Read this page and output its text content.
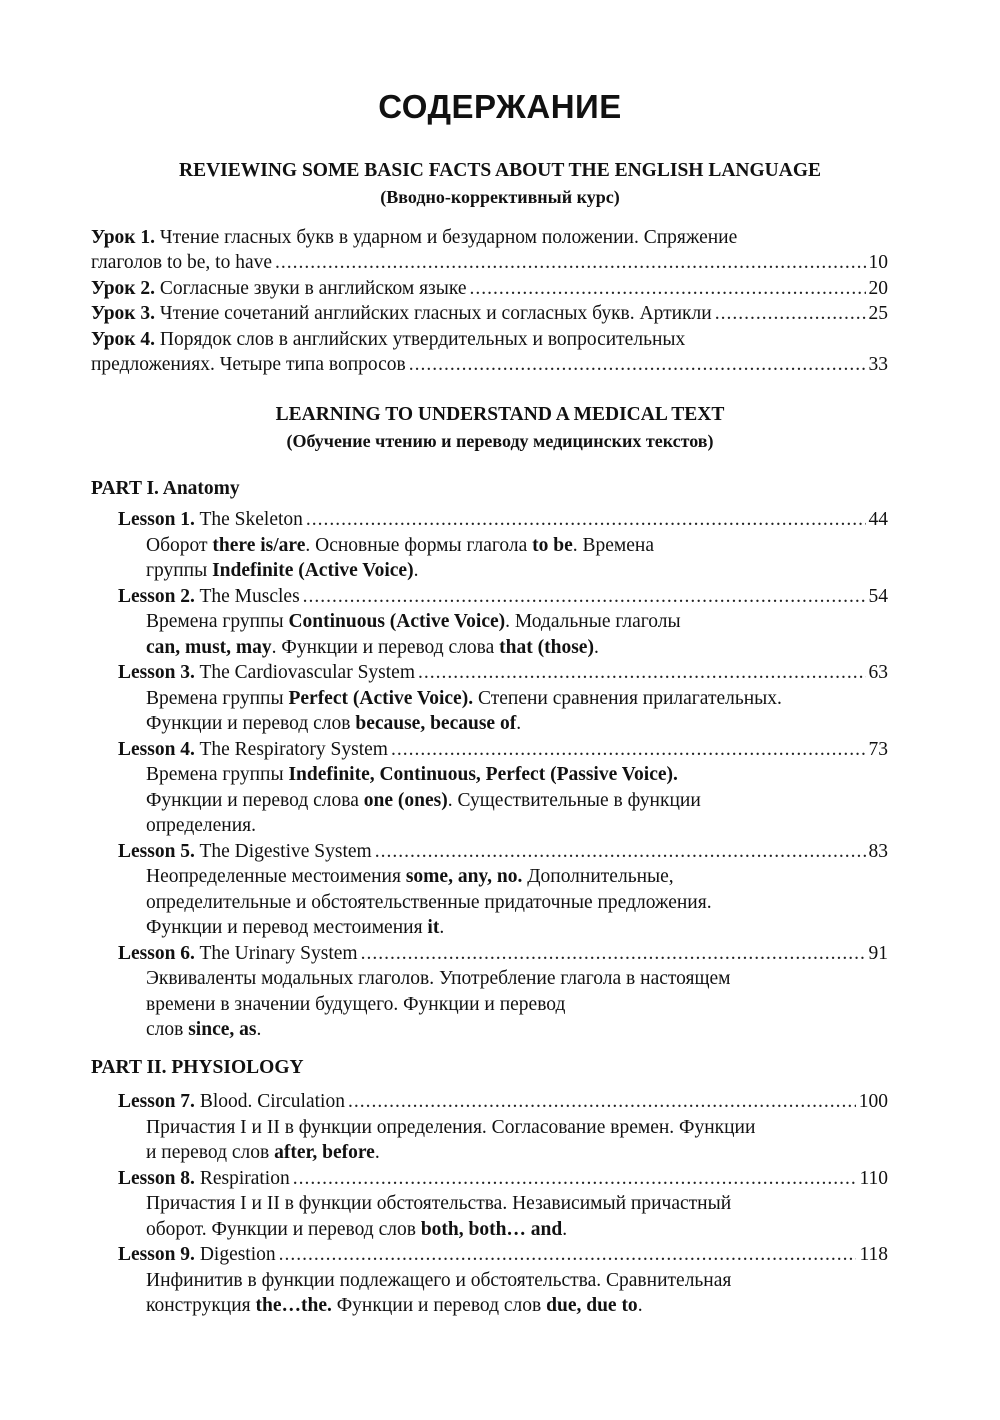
СОДЕРЖАНИЕ
REVIEWING SOME BASIC FACTS ABOUT THE ENGLISH LANGUAGE
(Вводно-коррективный курс)
Урок 1. Чтение гласных букв в ударном и безударном положении. Спряжение
глаголов to be, to have .....	10
Урок 2. Согласные звуки в английском языке .....	20
Урок 3. Чтение сочетаний английских гласных и согласных букв. Артикли .....	25
Урок 4. Порядок слов в английских утвердительных и вопросительных
предложениях. Четыре типа вопросов .....	33
LEARNING TO UNDERSTAND A MEDICAL TEXT
(Обучение чтению и переводу медицинских текстов)
PART I. Anatomy
Lesson 1. The Skeleton .....	44
Оборот there is/are. Основные формы глагола to be. Времена
группы Indefinite (Active Voice).
Lesson 2. The Muscles .....	54
Времена группы Continuous (Active Voice). Модальные глаголы
can, must, may. Функции и перевод слова that (those).
Lesson 3. The Cardiovascular System .....	63
Времена группы Perfect (Active Voice). Степени сравнения прилагательных.
Функции и перевод слов because, because of.
Lesson 4. The Respiratory System .....	73
Времена группы Indefinite, Continuous, Perfect (Passive Voice).
Функции и перевод слова one (ones). Существительные в функции
определения.
Lesson 5. The Digestive System .....	83
Неопределенные местоимения some, any, no. Дополнительные,
определительные и обстоятельственные придаточные предложения.
Функции и перевод местоимения it.
Lesson 6. The Urinary System .....	91
Эквиваленты модальных глаголов. Употребление глагола в настоящем
времени в значении будущего. Функции и перевод
слов since, as.
PART II. PHYSIOLOGY
Lesson 7. Blood. Circulation .....	100
Причастия I и II в функции определения. Согласование времен. Функции
и перевод слов after, before.
Lesson 8. Respiration .....	110
Причастия I и II в функции обстоятельства. Независимый причастный
оборот. Функции и перевод слов both, both… and.
Lesson 9. Digestion .....	118
Инфинитив в функции подлежащего и обстоятельства. Сравнительная
конструкция the…the. Функции и перевод слов due, due to.
